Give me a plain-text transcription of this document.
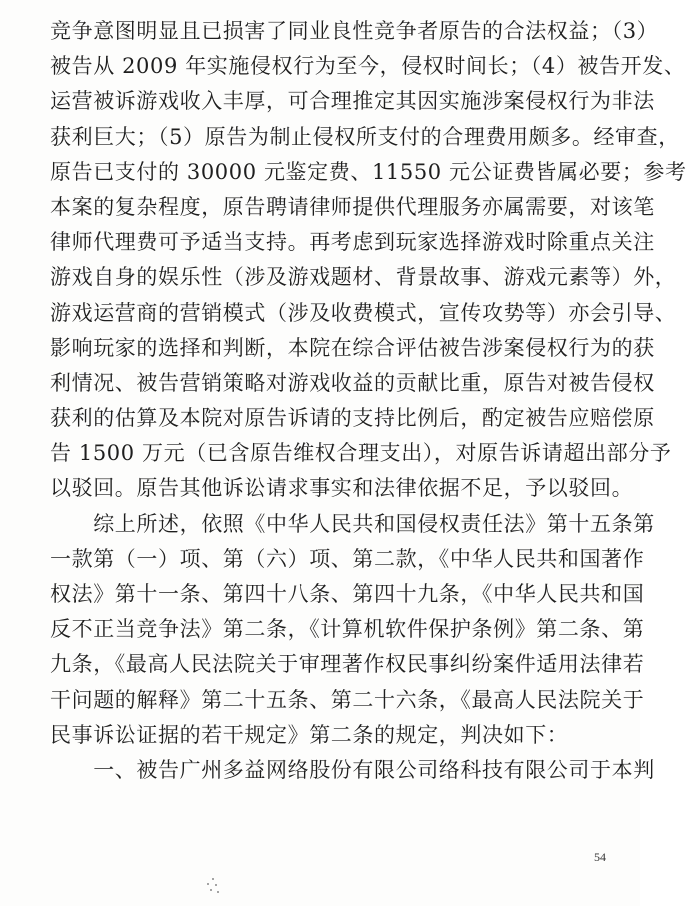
竞争意图明显且已损害了同业良性竞争者原告的合法权益；（3）
被告从 2009 年实施侵权行为至今，侵权时间长；（4）被告开发、
运营被诉游戏收入丰厚，可合理推定其因实施涉案侵权行为非法
获利巨大；（5）原告为制止侵权所支付的合理费用颇多。经审查，
原告已支付的 30000 元鉴定费、11550 元公证费皆属必要；参考
本案的复杂程度，原告聘请律师提供代理服务亦属需要，对该笔
律师代理费可予适当支持。再考虑到玩家选择游戏时除重点关注
游戏自身的娱乐性（涉及游戏题材、背景故事、游戏元素等）外，
游戏运营商的营销模式（涉及收费模式，宣传攻势等）亦会引导、
影响玩家的选择和判断，本院在综合评估被告涉案侵权行为的获
利情况、被告营销策略对游戏收益的贡献比重，原告对被告侵权
获利的估算及本院对原告诉请的支持比例后，酌定被告应赔偿原
告 1500 万元（已含原告维权合理支出），对原告诉请超出部分予
以驳回。原告其他诉讼请求事实和法律依据不足，予以驳回。
　　综上所述，依照《中华人民共和国侵权责任法》第十五条第
一款第（一）项、第（六）项、第二款，《中华人民共和国著作
权法》第十一条、第四十八条、第四十九条，《中华人民共和国
反不正当竞争法》第二条，《计算机软件保护条例》第二条、第
九条，《最高人民法院关于审理著作权民事纠纷案件适用法律若
干问题的解释》第二十五条、第二十六条，《最高人民法院关于
民事诉讼证据的若干规定》第二条的规定，判决如下：
　　一、被告广州多益网络股份有限公司络科技有限公司于本判
54
